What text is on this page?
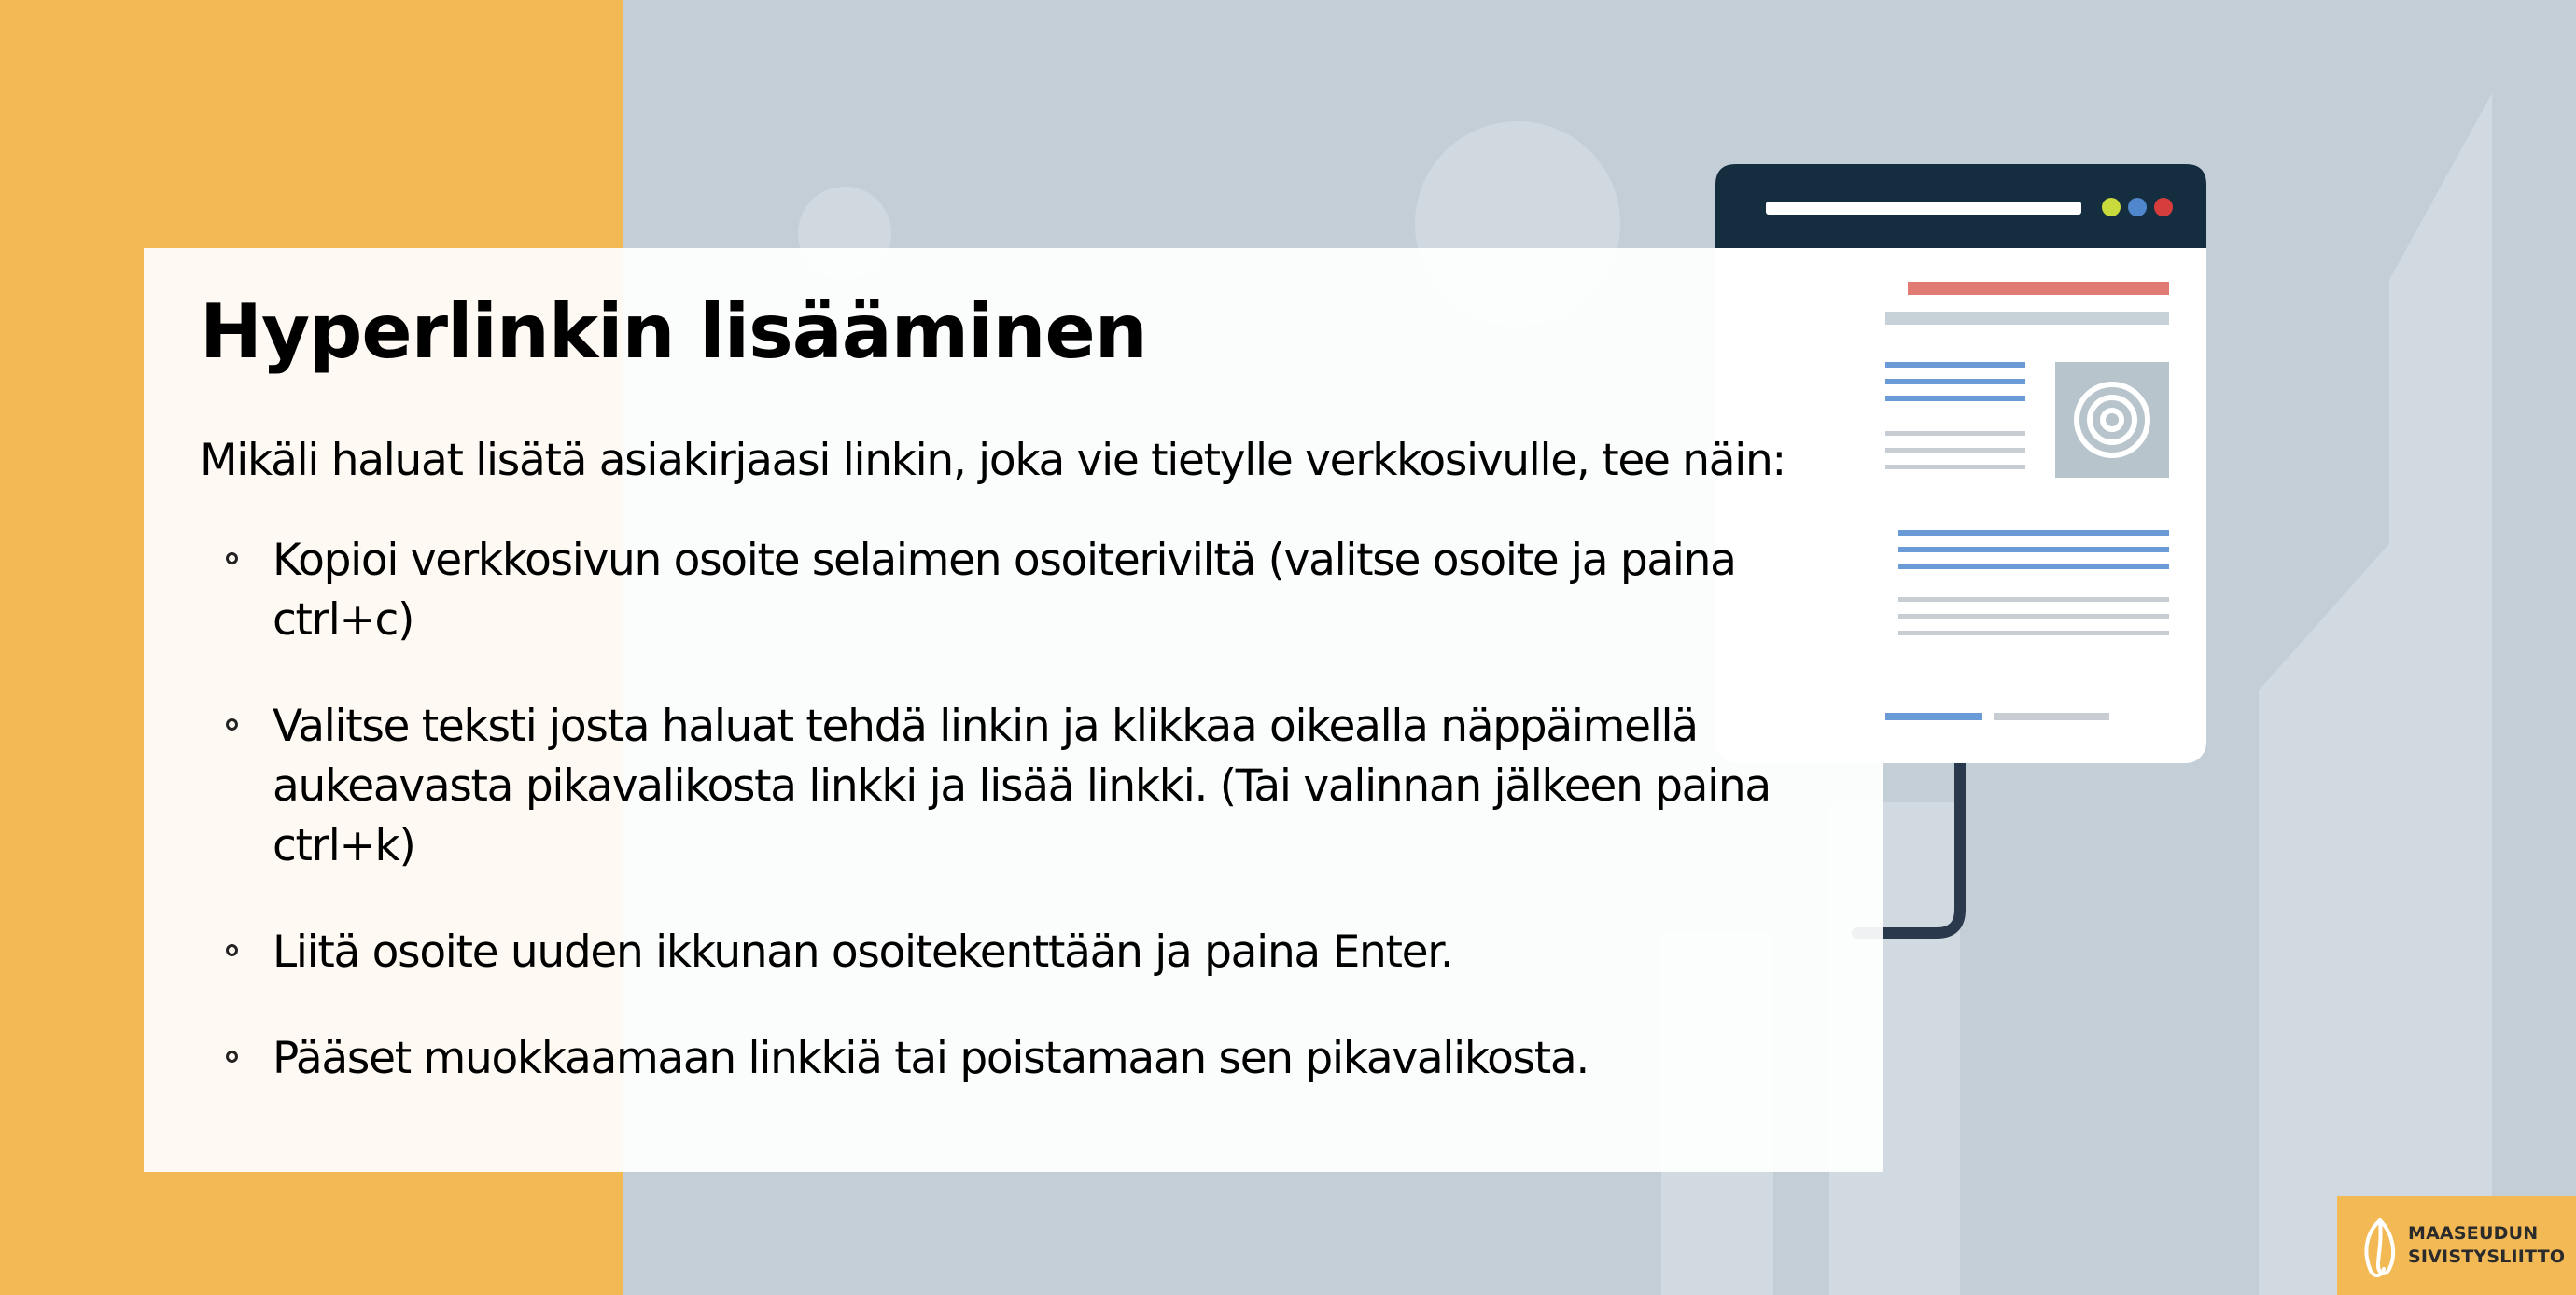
Hyperlinkin lisääminen

Mikäli haluat lisätä asiakirjaasi linkin, joka vie tietylle verkkosivulle, tee näin:

Kopioi verkkosivun osoite selaimen osoiteriviltä (valitse osoite ja paina ctrl+c)
Valitse teksti josta haluat tehdä linkin ja klikkaa oikealla näppäimellä aukeavasta pikavalikosta linkki ja lisää linkki. (Tai valinnan jälkeen paina ctrl+k)
Liitä osoite uuden ikkunan osoitekenttään ja paina Enter.
Pääset muokkaamaan linkkiä tai poistamaan sen pikavalikosta.
MAASEUDUN
SIVISTYSLIITTO
